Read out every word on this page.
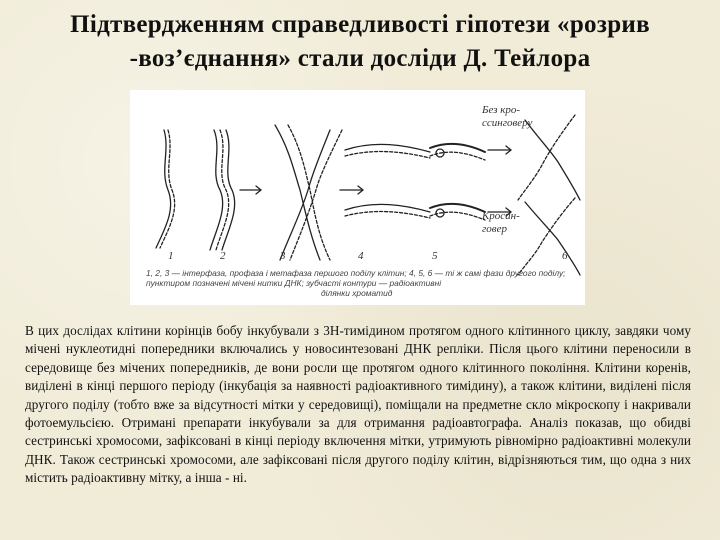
Підтвердженням справедливості гіпотези «розрив
-воз’єднання» стали досліди Д. Тейлора
1	2	3	4	5	6
Без кро-
ссинговеру
Кросин-
говер
1, 2, 3 — інтерфаза, профаза і метафаза першого поділу клітин; 4, 5, 6 — ті ж самі фази другого поділу; пунктиром позначені мічені нитки ДНК; зубчасті контури — радіоактивні
ділянки хроматид
В цих дослідах клітини корінців бобу інкубували з 3Н-тимідином протягом одного клітинного циклу, завдяки чому мічені нуклеотидні попередники включались у новосинтезовані ДНК репліки. Після цього клітини переносили в середовище без мічених попередників, де вони росли ще протягом одного клітинного покоління. Клітини коренів, виділені в кінці першого періоду (інкубація за наявності радіоактивного тимідину), а також клітини, виділені після другого поділу (тобто вже за відсутності мітки у середовищі), поміщали на предметне скло мікроскопу і накривали фотоемульсією. Отримані препарати інкубували за для отримання радіоавтографа. Аналіз показав, що обидві сестринські хромосоми, зафіксовані в кінці періоду включення мітки, утримують рівномірно радіоактивні молекули ДНК. Також сестринські хромосоми, але зафіксовані після другого поділу клітин, відрізняються тим, що одна з них містить радіоактивну мітку, а інша - ні.
